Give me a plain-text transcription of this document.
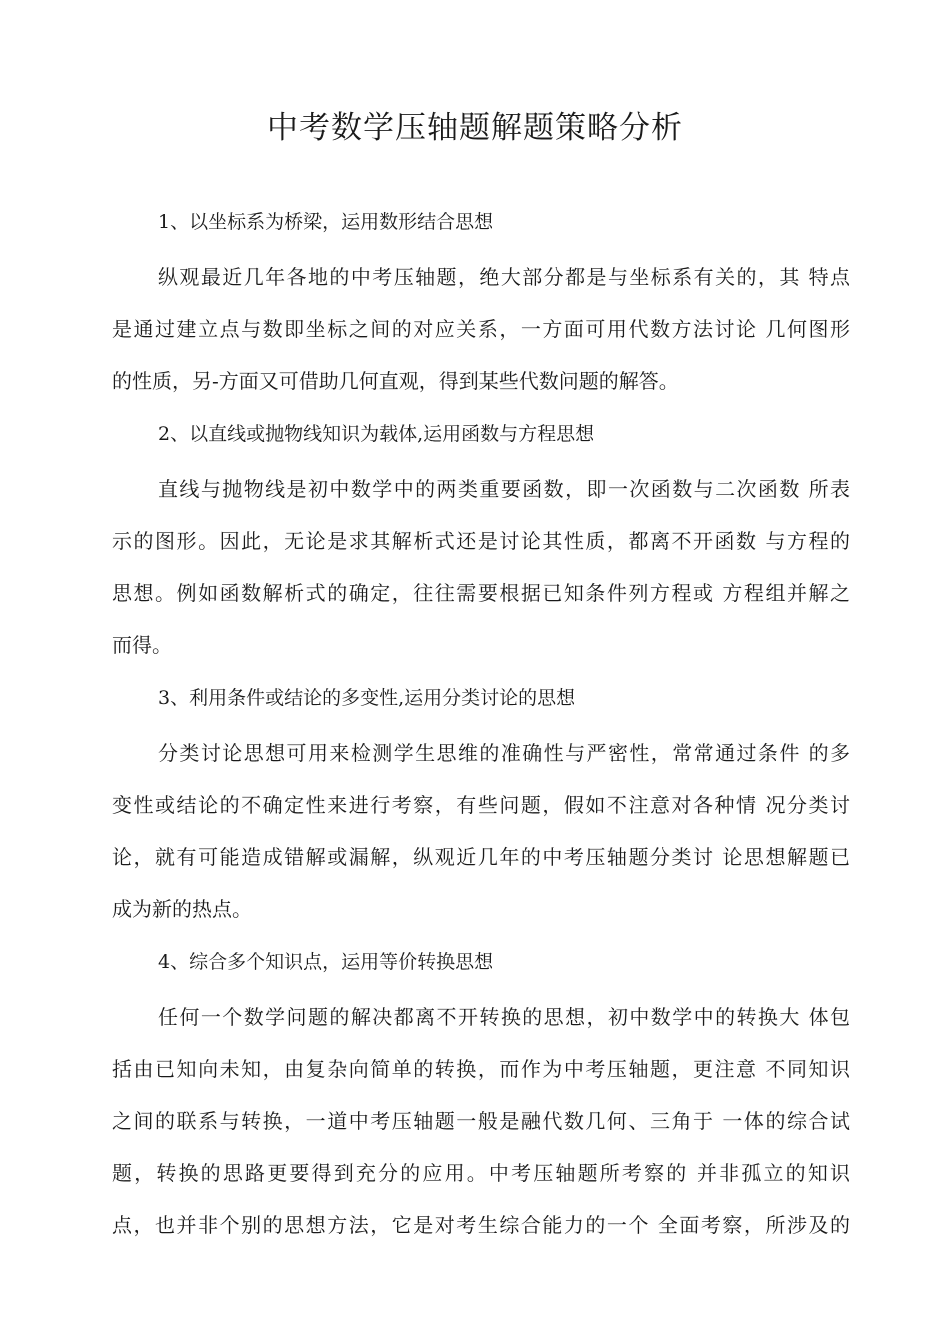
中考数学压轴题解题策略分析

1、以坐标系为桥梁，运用数形结合思想

纵观最近几年各地的中考压轴题，绝大部分都是与坐标系有关的，其 特点
是通过建立点与数即坐标之间的对应关系，一方面可用代数方法讨论 几何图形
的性质，另-方面又可借助几何直观，得到某些代数问题的解答。

2、以直线或抛物线知识为载体,运用函数与方程思想

直线与抛物线是初中数学中的两类重要函数，即一次函数与二次函数 所表
示的图形。因此，无论是求其解析式还是讨论其性质，都离不开函数 与方程的
思想。例如函数解析式的确定，往往需要根据已知条件列方程或 方程组并解之
而得。

3、利用条件或结论的多变性,运用分类讨论的思想

分类讨论思想可用来检测学生思维的准确性与严密性，常常通过条件 的多
变性或结论的不确定性来进行考察，有些问题，假如不注意对各种情 况分类讨
论，就有可能造成错解或漏解，纵观近几年的中考压轴题分类讨 论思想解题已
成为新的热点。

4、综合多个知识点，运用等价转换思想

任何一个数学问题的解决都离不开转换的思想，初中数学中的转换大 体包
括由已知向未知，由复杂向简单的转换，而作为中考压轴题，更注意 不同知识
之间的联系与转换，一道中考压轴题一般是融代数几何、三角于 一体的综合试
题，转换的思路更要得到充分的应用。中考压轴题所考察的 并非孤立的知识
点，也并非个别的思想方法，它是对考生综合能力的一个 全面考察，所涉及的
